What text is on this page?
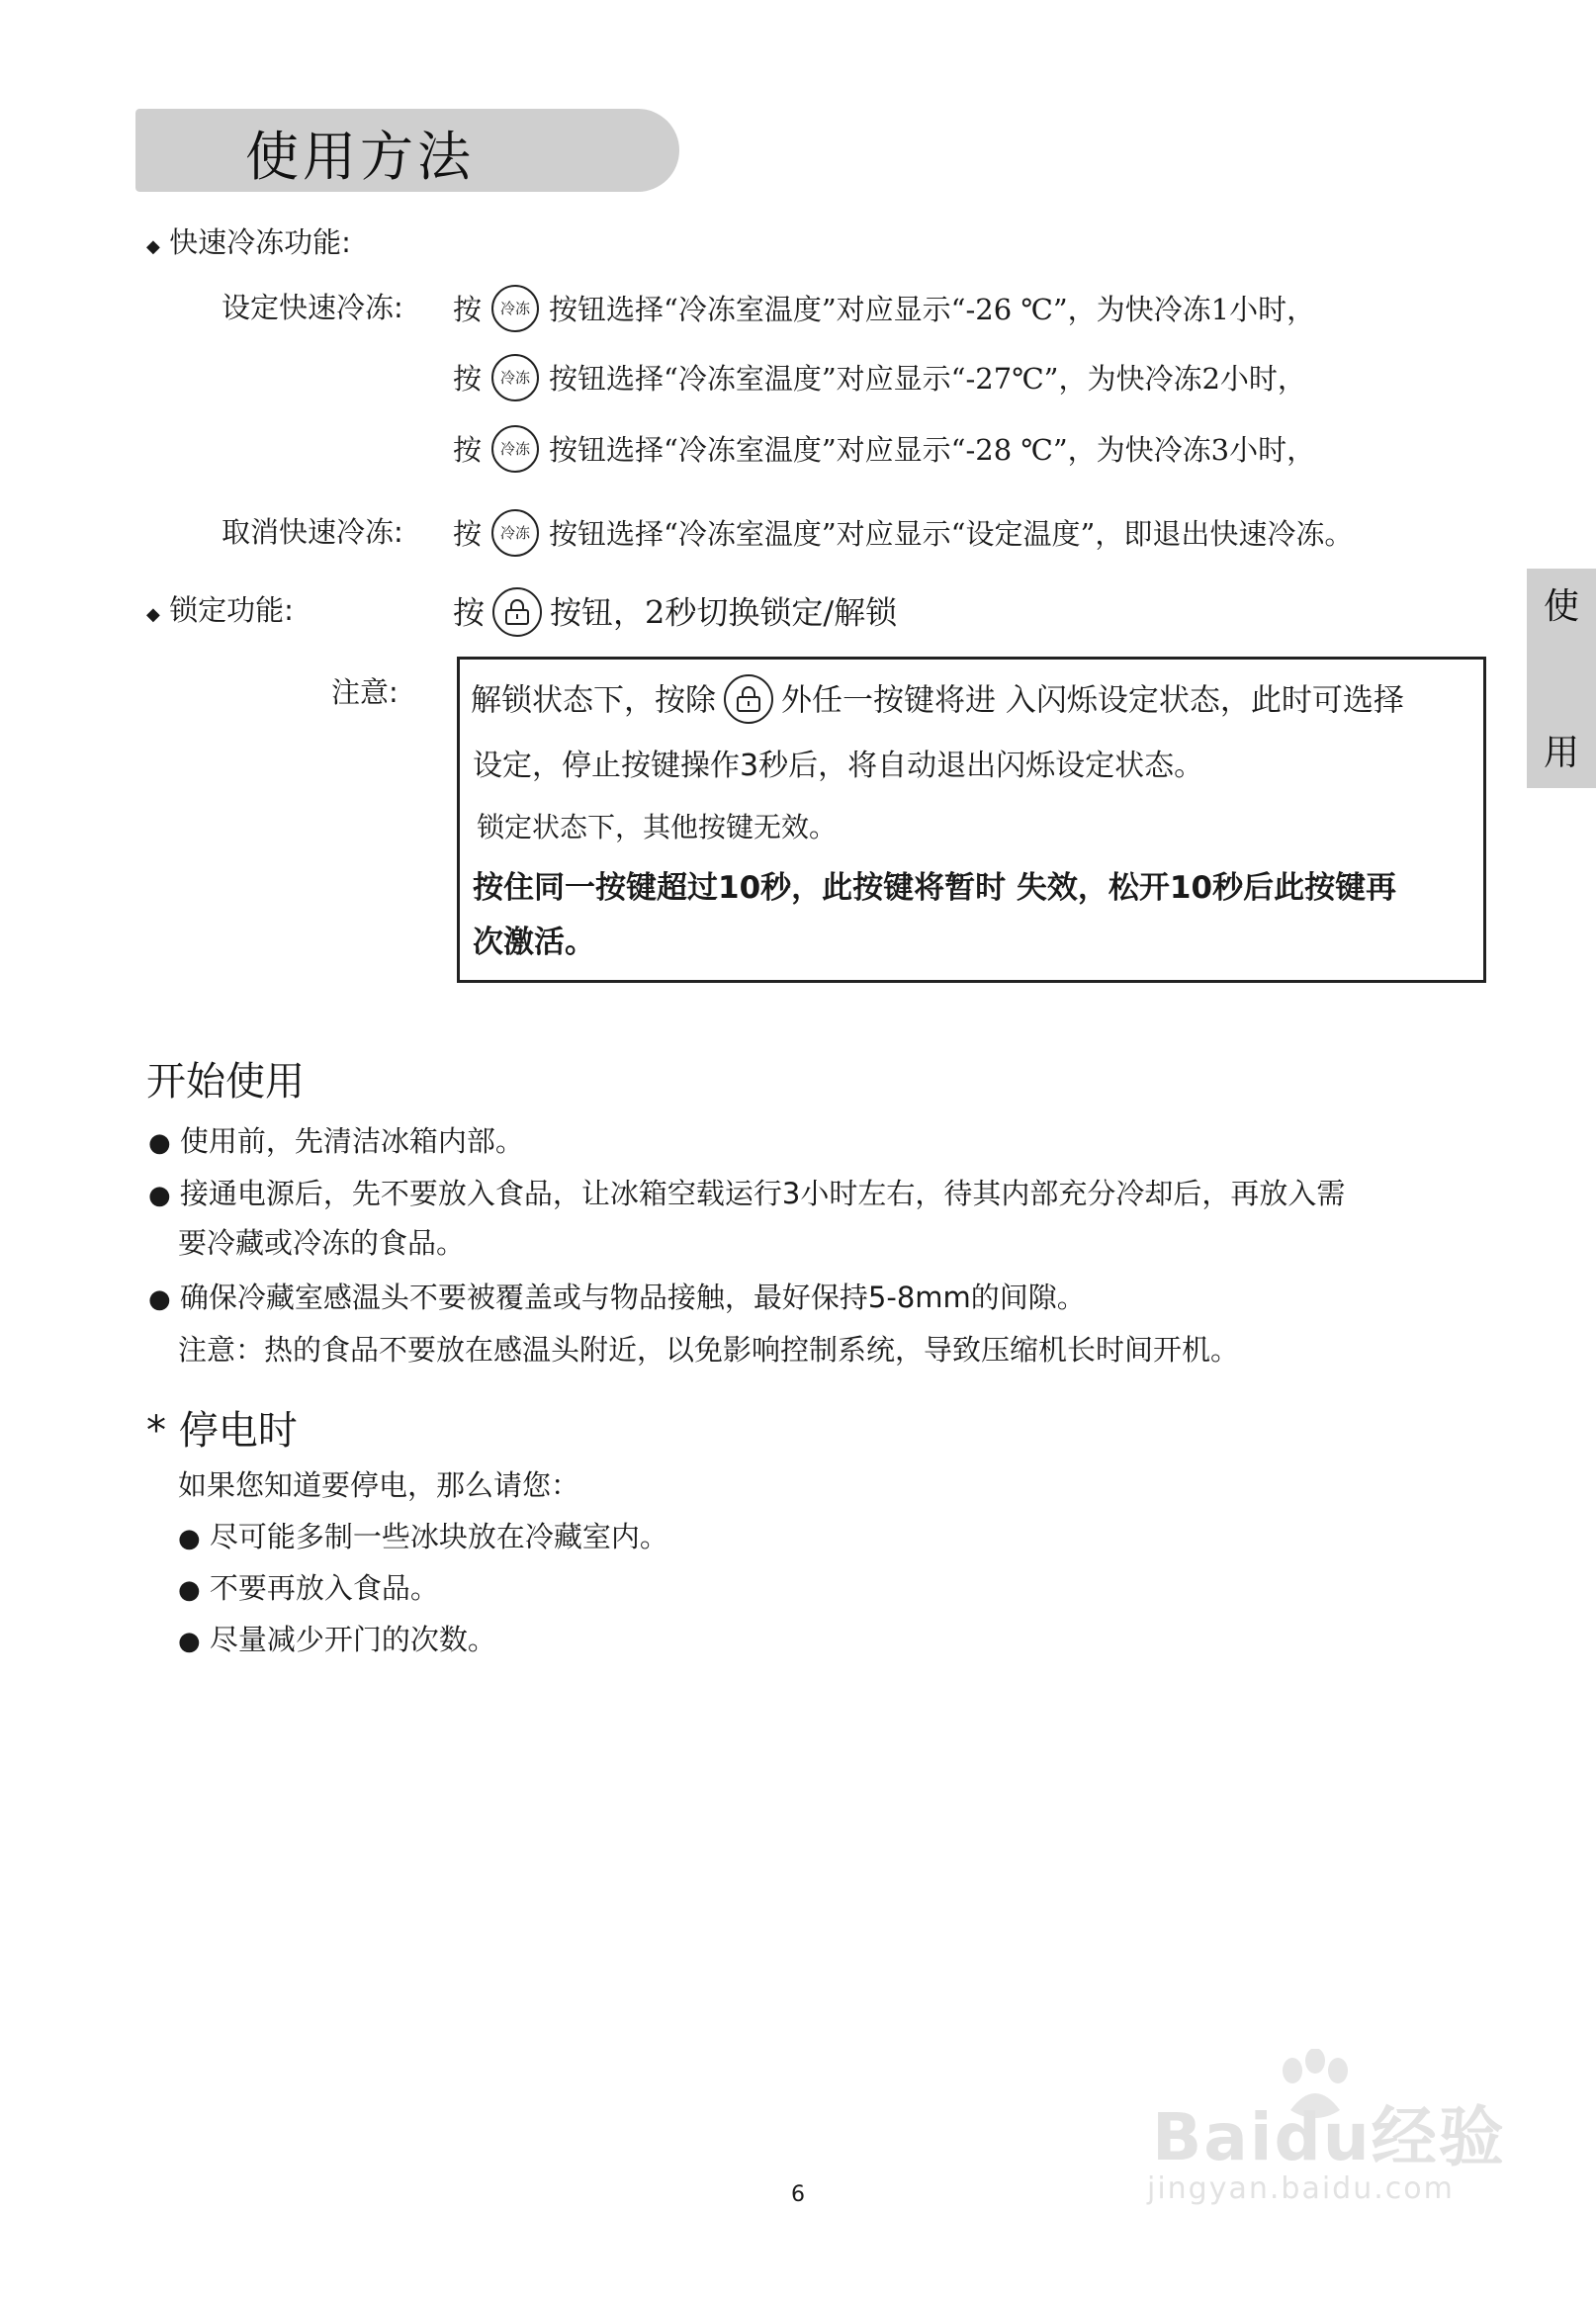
使用方法
使
用
◆ 快速冷冻功能:
设定快速冷冻: 按 冷冻 按钮选择“冷冻室温度”对应显示“-26 ℃”，为快冷冻1小时，
按 冷冻 按钮选择“冷冻室温度”对应显示“-27℃”，为快冷冻2小时，
按 冷冻 按钮选择“冷冻室温度”对应显示“-28 ℃”，为快冷冻3小时，
取消快速冷冻: 按 冷冻 按钮选择“冷冻室温度”对应显示“设定温度”，即退出快速冷冻。
◆ 锁定功能:	按 按钮，2秒切换锁定/解锁
注意: 解锁状态下，按除 外任一按键将进 入闪烁设定状态，此时可选择
设定，停止按键操作3秒后，将自动退出闪烁设定状态。
锁定状态下，其他按键无效。
按住同一按键超过10秒，此按键将暂时 失效，松开10秒后此按键再
次激活。
开始使用
● 使用前，先清洁冰箱内部。
● 接通电源后，先不要放入食品，让冰箱空载运行3小时左右，待其内部充分冷却后，再放入需
要冷藏或冷冻的食品。
● 确保冷藏室感温头不要被覆盖或与物品接触，最好保持5-8mm的间隙。
注意：热的食品不要放在感温头附近，以免影响控制系统，导致压缩机长时间开机。
* 停电时
如果您知道要停电，那么请您：
● 尽可能多制一些冰块放在冷藏室内。
● 不要再放入食品。
● 尽量减少开门的次数。
Baidu经验
jingyan.baidu.com
6
